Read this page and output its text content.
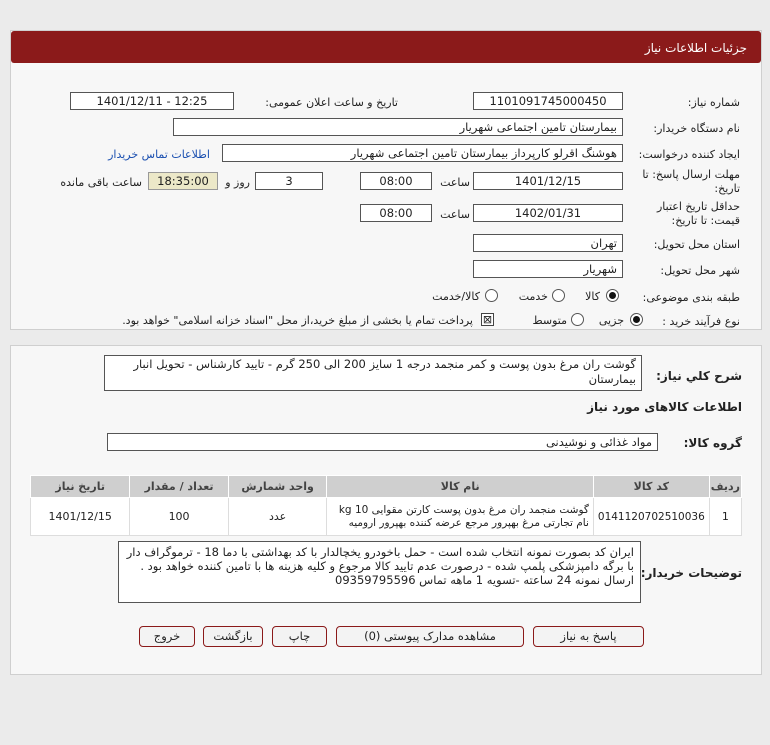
جزئیات اطلاعات نیاز
شماره نیاز:
1101091745000450
تاریخ و ساعت اعلان عمومی:
1401/12/11 - 12:25
نام دستگاه خریدار:
بیمارستان تامین اجتماعی شهریار
ایجاد کننده درخواست:
هوشنگ اقرلو کارپرداز بیمارستان تامین اجتماعی شهریار
اطلاعات تماس خریدار
مهلت ارسال پاسخ: تا
تاریخ:
1401/12/15
ساعت
08:00
3
روز و
18:35:00
ساعت باقی مانده
حداقل تاریخ اعتبار
قیمت: تا تاریخ:
1402/01/31
ساعت
08:00
استان محل تحویل:
تهران
شهر محل تحویل:
شهریار
طبقه بندی موضوعی:
کالا
خدمت
کالا/خدمت
نوع فرآیند خرید :
جزیی
متوسط
⊠
پرداخت تمام یا بخشی از مبلغ خرید،از محل "اسناد خزانه اسلامی" خواهد بود.
شرح كلي نياز:
گوشت ران مرغ بدون پوست و کمر منجمد درجه 1 سایز 200 الی 250 گرم - تایید کارشناس - تحویل انبار بیمارستان
اطلاعات کالاهای مورد نیاز
گروه کالا:
مواد غذائی و نوشیدنی
ردیف	کد کالا	نام کالا	واحد شمارش	تعداد / مقدار	تاریخ نیاز
1	0141120702510036	گوشت منجمد ران مرغ بدون پوست کارتن مقوایی 10 kg نام تجارتی مرغ بهپرور مرجع عرضه کننده بهپرور ارومیه	عدد	100	1401/12/15
توضیحات خریدار:
ایران کد بصورت نمونه انتخاب شده است - حمل باخودرو یخچالدار با کد بهداشتی با دما 18 - ترموگراف دار با برگه دامپزشکی پلمپ شده - درصورت عدم تایید کالا مرجوع و کلیه هزینه ها با تامین کننده خواهد بود . ارسال نمونه 24 ساعته -تسویه 1 ماهه تماس 09359795596
پاسخ به نیاز
مشاهده مدارک پیوستی (0)
چاپ
بازگشت
خروج
